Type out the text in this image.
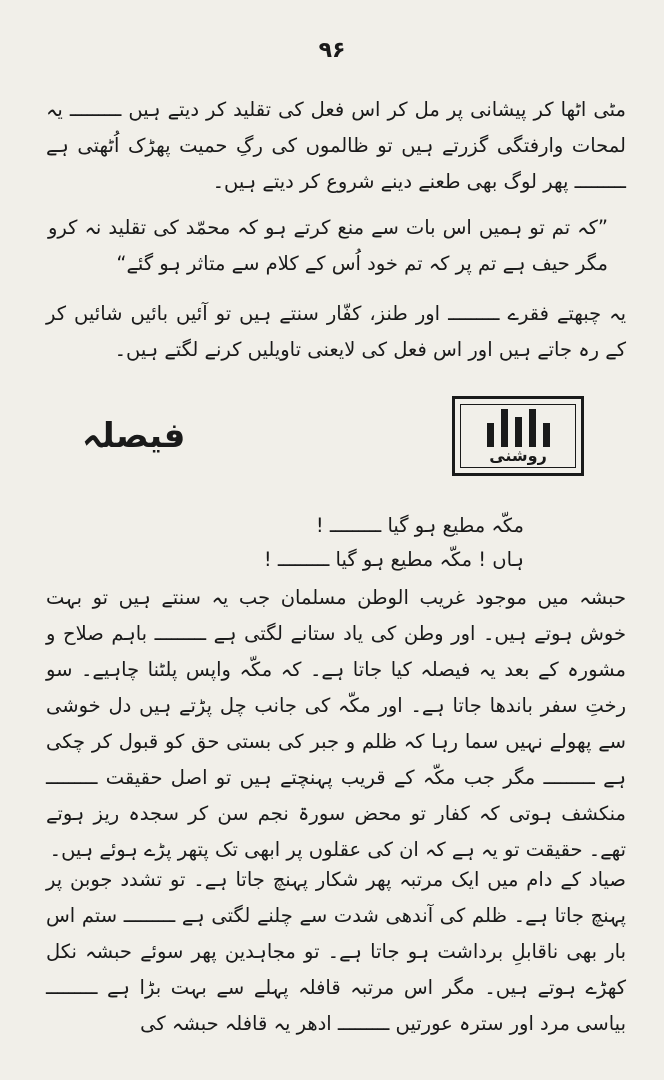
۹۶

مٹی اٹھا کر پیشانی پر مل کر اس فعل کی تقلید کر دیتے ہیں ـــــــــ یہ لمحات وارفتگی گزرتے ہیں تو ظالموں کی رگِ حمیت پھڑک اُٹھتی ہے ـــــــــ پھر لوگ بھی طعنے دینے شروع کر دیتے ہیں۔

”کہ تم تو ہمیں اس بات سے منع کرتے ہو کہ محمّد کی تقلید نہ کرو مگر حیف ہے تم پر کہ تم خود اُس کے کلام سے متاثر ہو گئے“

یہ چبھتے فقرے ـــــــــ اور طنز، کفّار سنتے ہیں تو آئیں بائیں شائیں کر کے رہ جاتے ہیں اور اس فعل کی لایعنی تاویلیں کرنے لگتے ہیں۔

روشنی
فیصلہ

مکّہ مطیع ہو گیا ـــــــــ !

ہاں ! مکّہ مطیع ہو گیا ـــــــــ !

حبشہ میں موجود غریب الوطن مسلمان جب یہ سنتے ہیں تو بہت خوش ہوتے ہیں۔ اور وطن کی یاد ستانے لگتی ہے ـــــــــ باہم صلاح و مشورہ کے بعد یہ فیصلہ کیا جاتا ہے۔ کہ مکّہ واپس پلٹنا چاہیے۔ سو رختِ سفر باندھا جاتا ہے۔ اور مکّہ کی جانب چل پڑتے ہیں دل خوشی سے پھولے نہیں سما رہا کہ ظلم و جبر کی بستی حق کو قبول کر چکی ہے ـــــــــ مگر جب مکّہ کے قریب پہنچتے ہیں تو اصل حقیقت ـــــــــ منکشف ہوتی کہ کفار تو محض سورۃ نجم سن کر سجدہ ریز ہوتے تھے۔ حقیقت تو یہ ہے کہ ان کی عقلوں پر ابھی تک پتھر پڑے ہوئے ہیں۔

صیاد کے دام میں ایک مرتبہ پھر شکار پہنچ جاتا ہے۔ تو تشدد جوبن پر پہنچ جاتا ہے۔ ظلم کی آندھی شدت سے چلنے لگتی ہے ـــــــــ ستم اس بار بھی ناقابلِ برداشت ہو جاتا ہے۔ تو مجاہدین پھر سوئے حبشہ نکل کھڑے ہوتے ہیں۔ مگر اس مرتبہ قافلہ پہلے سے بہت بڑا ہے ـــــــــ بیاسی مرد اور سترہ عورتیں ـــــــــ ادھر یہ قافلہ حبشہ کی
